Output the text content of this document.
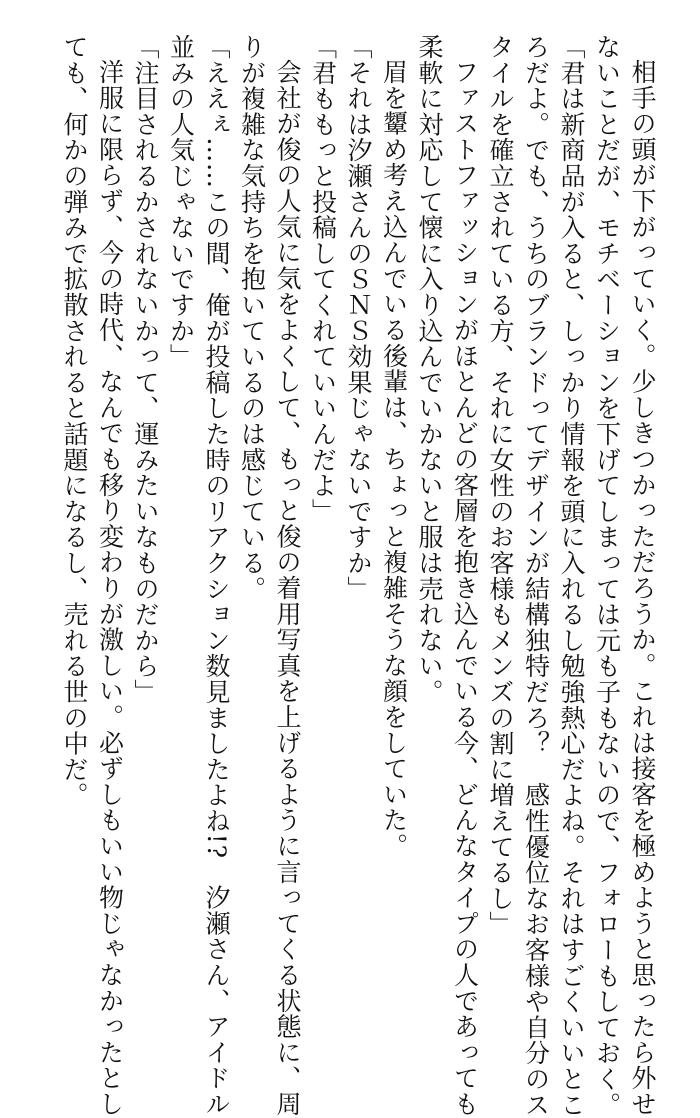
相手の頭が下がっていく。少しきつかっただろうか。これは接客を極めようと思ったら外せ
ないことだが、モチベーションを下げてしまっては元も子もないので、フォローもしておく。
「君は新商品が入ると、しっかり情報を頭に入れるし勉強熱心だよね。それはすごくいいとこ
ろだよ。でも、うちのブランドってデザインが結構独特だろ？　感性優位なお客様や自分のス
タイルを確立されている方、それに女性のお客様もメンズの割に増えてるし」
ファストファッションがほとんどの客層を抱き込んでいる今、どんなタイプの人であっても
柔軟に対応して懐に入り込んでいかないと服は売れない。
眉を顰め考え込んでいる後輩は、ちょっと複雑そうな顔をしていた。
「それは汐瀬さんのＳＮＳ効果じゃないですか」
「君ももっと投稿してくれていいんだよ」
会社が俊の人気に気をよくして、もっと俊の着用写真を上げるように言ってくる状態に、周
りが複雑な気持ちを抱いているのは感じている。
「ええぇ……この間、俺が投稿した時のリアクション数見ましたよね!?　汐瀬さん、アイドル
並みの人気じゃないですか」
「注目されるかされないかって、運みたいなものだから」
洋服に限らず、今の時代、なんでも移り変わりが激しい。必ずしもいい物じゃなかったとし
ても、何かの弾みで拡散されると話題になるし、売れる世の中だ。
